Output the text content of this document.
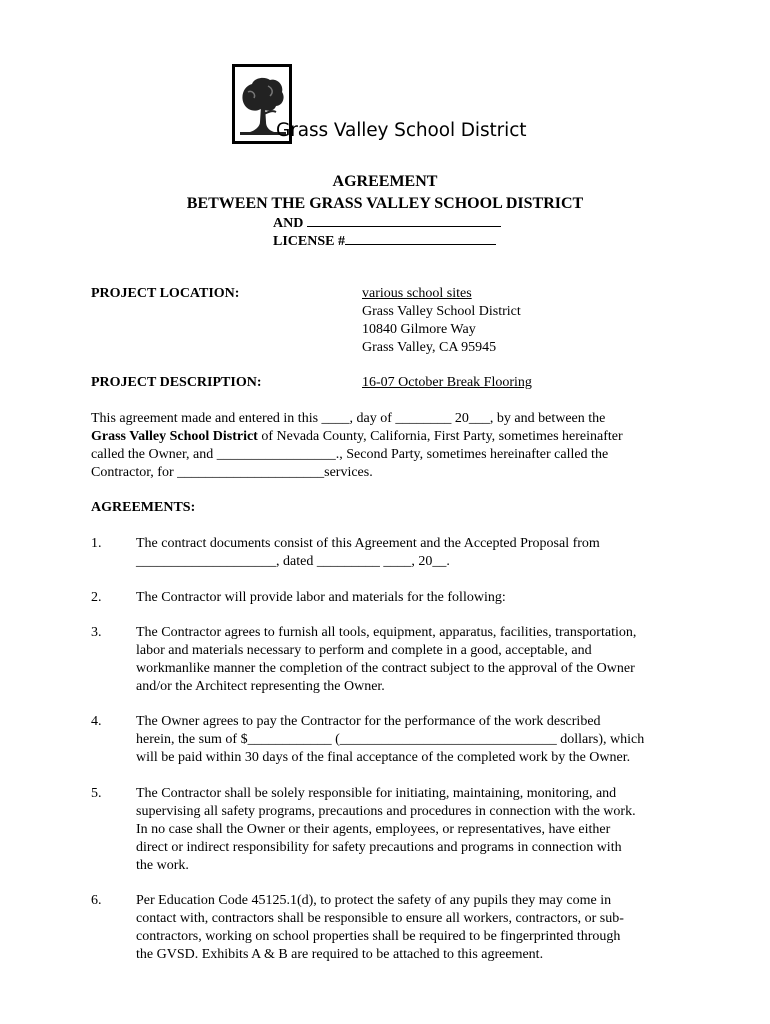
Grass Valley School District
AGREEMENT
BETWEEN THE GRASS VALLEY SCHOOL DISTRICT
AND
LICENSE #
PROJECT LOCATION:	various school sites
Grass Valley School District
10840 Gilmore Way
Grass Valley, CA 95945
PROJECT DESCRIPTION:	16-07 October Break Flooring
This agreement made and entered in this ____, day of ________ 20___, by and between the
Grass Valley School District of Nevada County, California, First Party, sometimes hereinafter
called the Owner, and _________________., Second Party, sometimes hereinafter called the
Contractor, for _____________________services.
AGREEMENTS:
1. The contract documents consist of this Agreement and the Accepted Proposal from
____________________, dated _________ ____, 20__.
2. The Contractor will provide labor and materials for the following:
3. The Contractor agrees to furnish all tools, equipment, apparatus, facilities, transportation,
labor and materials necessary to perform and complete in a good, acceptable, and
workmanlike manner the completion of the contract subject to the approval of the Owner
and/or the Architect representing the Owner.
4. The Owner agrees to pay the Contractor for the performance of the work described
herein, the sum of $____________ (_______________________________ dollars), which
will be paid within 30 days of the final acceptance of the completed work by the Owner.
5. The Contractor shall be solely responsible for initiating, maintaining, monitoring, and
supervising all safety programs, precautions and procedures in connection with the work.
In no case shall the Owner or their agents, employees, or representatives, have either
direct or indirect responsibility for safety precautions and programs in connection with
the work.
6. Per Education Code 45125.1(d), to protect the safety of any pupils they may come in
contact with, contractors shall be responsible to ensure all workers, contractors, or sub-
contractors, working on school properties shall be required to be fingerprinted through
the GVSD. Exhibits A & B are required to be attached to this agreement.
